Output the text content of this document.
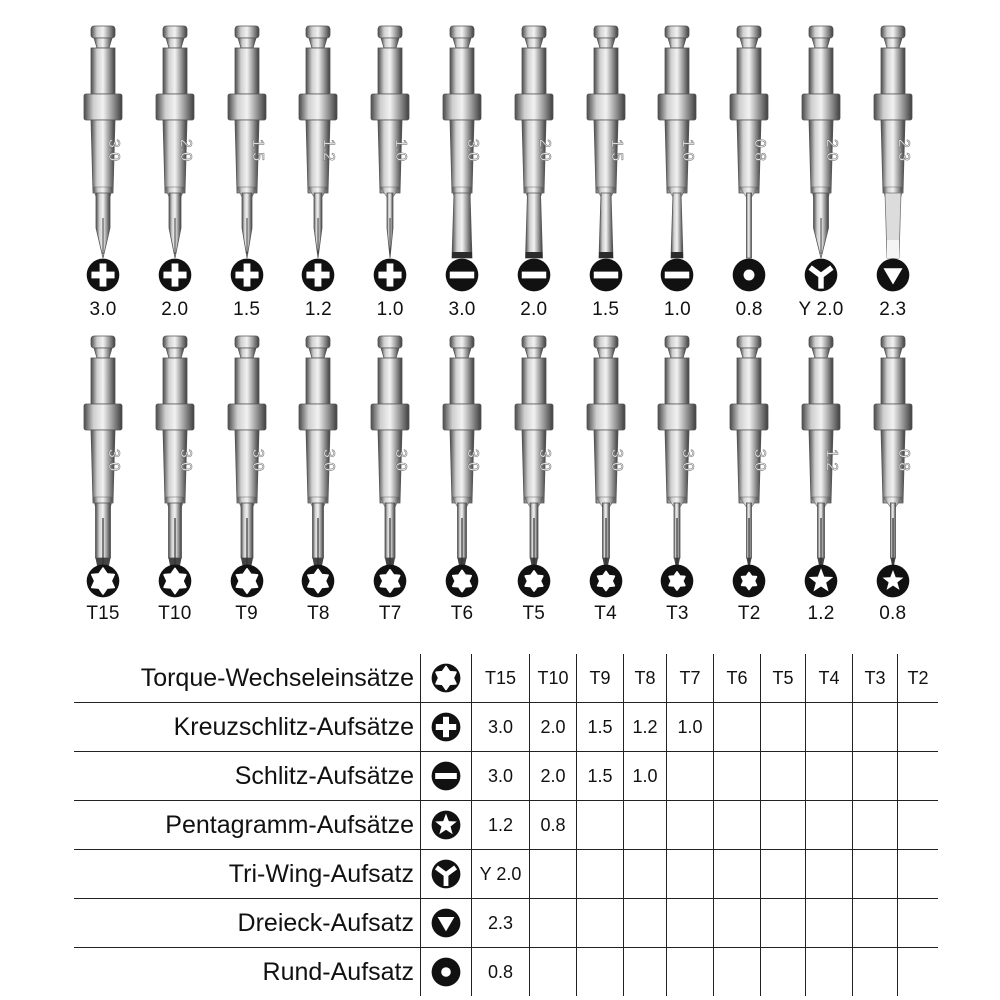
3.0
3.0
2.0
2.0
1.5
1.5
1.2
1.2
1.0
1.0
3.0
3.0
2.0
2.0
1.5
1.5
1.0
1.0
0.8
0.8
2.0
Y 2.0
2.3
2.3
3.0
T15
3.0
T10
3.0
T9
3.0
T8
3.0
T7
3.0
T6
3.0
T5
3.0
T4
3.0
T3
3.0
T2
1.2
1.2
0.8
0.8
Torque-Wechseleinsätze		T15	T10	T9	T8	T7	T6	T5	T4	T3	T2
Kreuzschlitz-Aufsätze		3.0	2.0	1.5	1.2	1.0					
Schlitz-Aufsätze		3.0	2.0	1.5	1.0						
Pentagramm-Aufsätze		1.2	0.8								
Tri-Wing-Aufsatz		Y 2.0									
Dreieck-Aufsatz		2.3									
Rund-Aufsatz		0.8									
